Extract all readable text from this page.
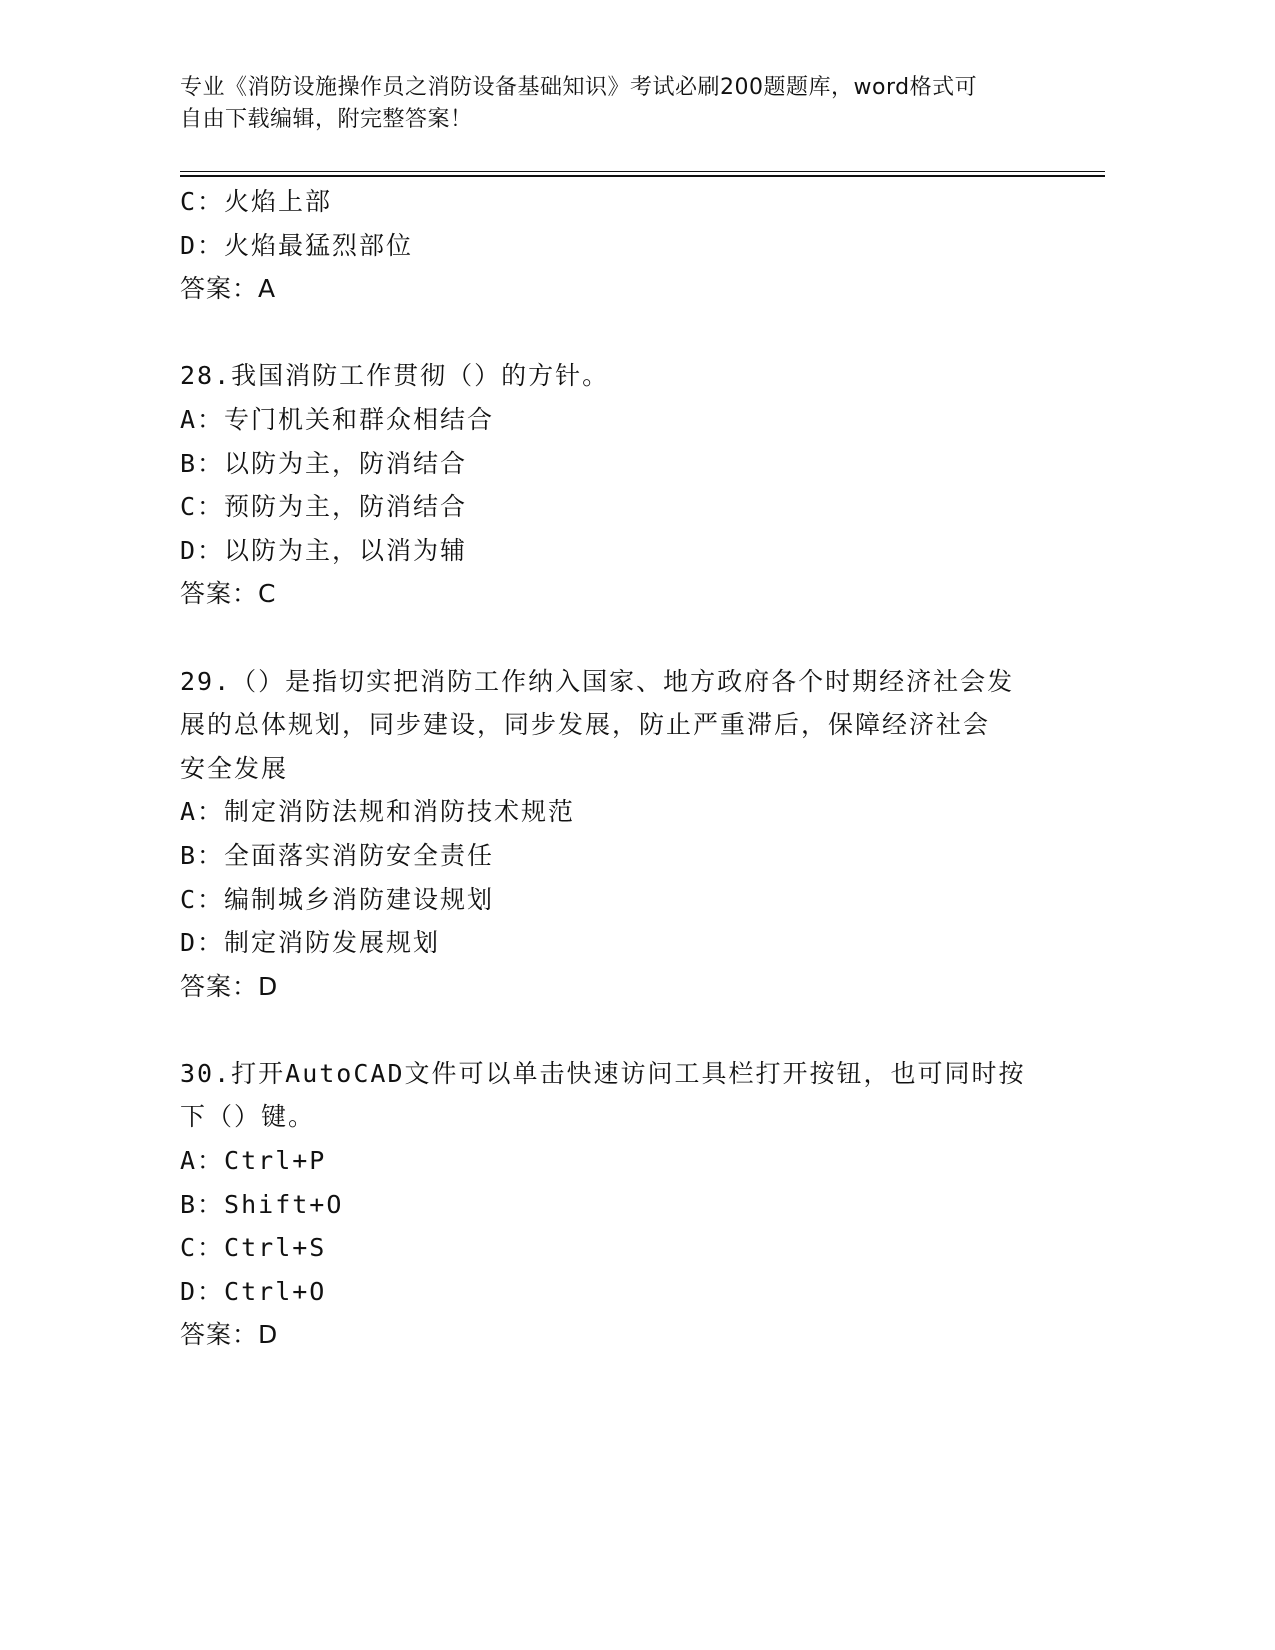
专业《消防设施操作员之消防设备基础知识》考试必刷200题题库，word格式可
自由下载编辑，附完整答案！
C：火焰上部
D：火焰最猛烈部位
答案：A
28.我国消防工作贯彻（）的方针。
A：专门机关和群众相结合
B：以防为主，防消结合
C：预防为主，防消结合
D：以防为主，以消为辅
答案：C
29.（）是指切实把消防工作纳入国家、地方政府各个时期经济社会发
展的总体规划，同步建设，同步发展，防止严重滞后，保障经济社会
安全发展
A：制定消防法规和消防技术规范
B：全面落实消防安全责任
C：编制城乡消防建设规划
D：制定消防发展规划
答案：D
30.打开AutoCAD文件可以单击快速访问工具栏打开按钮，也可同时按
下（）键。
A：Ctrl+P
B：Shift+O
C：Ctrl+S
D：Ctrl+O
答案：D
